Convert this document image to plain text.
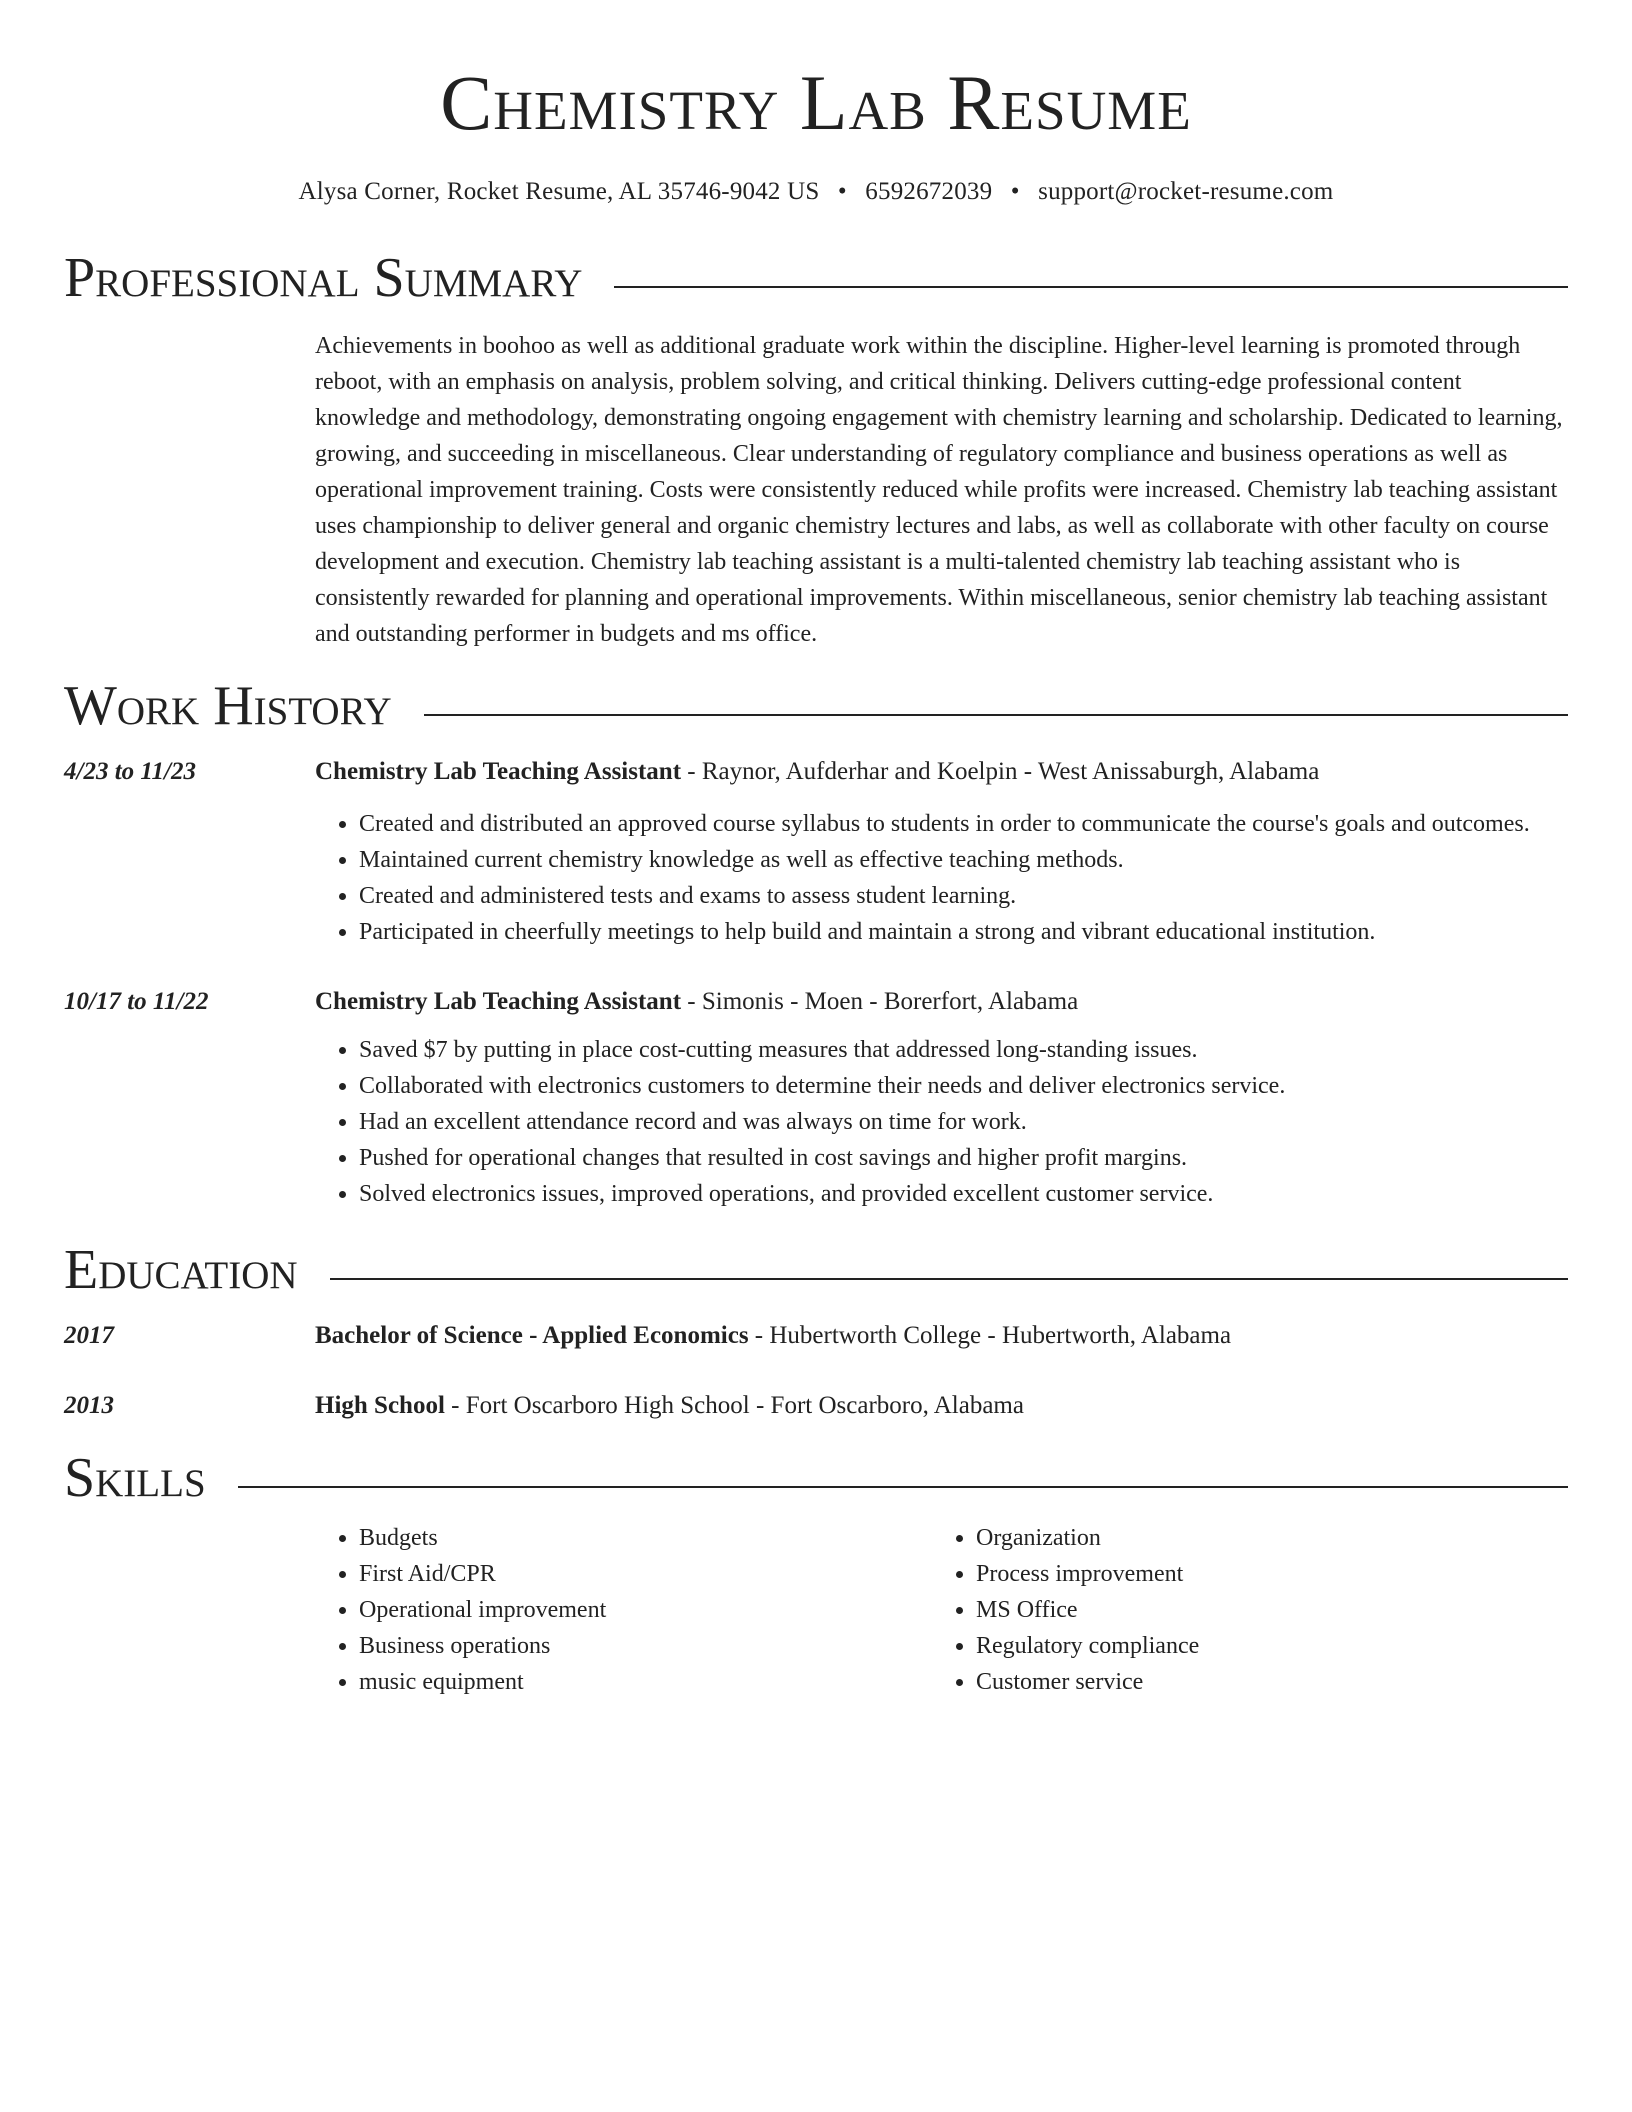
Chemistry Lab Resume
Alysa Corner, Rocket Resume, AL 35746-9042 US • 6592672039 • support@rocket-resume.com
Professional Summary
Achievements in boohoo as well as additional graduate work within the discipline. Higher-level learning is promoted through reboot, with an emphasis on analysis, problem solving, and critical thinking. Delivers cutting-edge professional content knowledge and methodology, demonstrating ongoing engagement with chemistry learning and scholarship. Dedicated to learning, growing, and succeeding in miscellaneous. Clear understanding of regulatory compliance and business operations as well as operational improvement training. Costs were consistently reduced while profits were increased. Chemistry lab teaching assistant uses championship to deliver general and organic chemistry lectures and labs, as well as collaborate with other faculty on course development and execution. Chemistry lab teaching assistant is a multi-talented chemistry lab teaching assistant who is consistently rewarded for planning and operational improvements. Within miscellaneous, senior chemistry lab teaching assistant and outstanding performer in budgets and ms office.
Work History
4/23 to 11/23	Chemistry Lab Teaching Assistant - Raynor, Aufderhar and Koelpin - West Anissaburgh, Alabama
• Created and distributed an approved course syllabus to students in order to communicate the course's goals and outcomes.
• Maintained current chemistry knowledge as well as effective teaching methods.
• Created and administered tests and exams to assess student learning.
• Participated in cheerfully meetings to help build and maintain a strong and vibrant educational institution.
10/17 to 11/22	Chemistry Lab Teaching Assistant - Simonis - Moen - Borerfort, Alabama
• Saved $7 by putting in place cost-cutting measures that addressed long-standing issues.
• Collaborated with electronics customers to determine their needs and deliver electronics service.
• Had an excellent attendance record and was always on time for work.
• Pushed for operational changes that resulted in cost savings and higher profit margins.
• Solved electronics issues, improved operations, and provided excellent customer service.
Education
2017	Bachelor of Science - Applied Economics - Hubertworth College - Hubertworth, Alabama
2013	High School - Fort Oscarboro High School - Fort Oscarboro, Alabama
Skills
• Budgets
• First Aid/CPR
• Operational improvement
• Business operations
• music equipment
• Organization
• Process improvement
• MS Office
• Regulatory compliance
• Customer service
